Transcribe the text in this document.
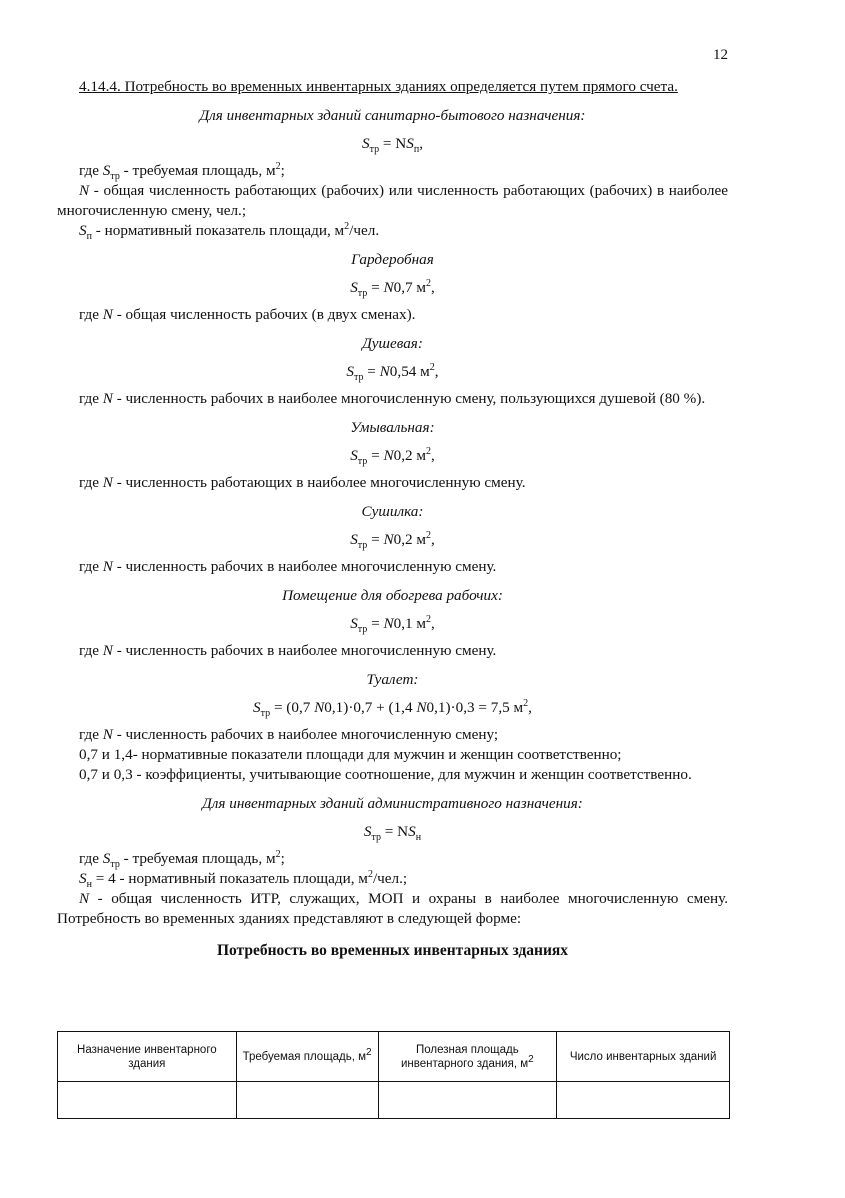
12

4.14.4. Потребность во временных инвентарных зданиях определяется путем прямого счета.

Для инвентарных зданий санитарно-бытового назначения:

$S_{тр} = NS_п$,

где $S_{тр}$ - требуемая площадь, $м^2$;

N - общая численность работающих (рабочих) или численность работающих (рабочих) в наиболее многочисленную смену, чел.;

$S_п$ - нормативный показатель площади, $м^2$/чел.

Гардеробная

$S_{тр} = N0,7$ $м^2$,

где N - общая численность рабочих (в двух сменах).

Душевая:

$S_{тр} = N0,54$ $м^2$,

где N - численность рабочих в наиболее многочисленную смену, пользующихся душевой (80 %).

Умывальная:

$S_{тр} = N0,2$ $м^2$,

где N - численность работающих в наиболее многочисленную смену.

Сушилка:

$S_{тр} = N0,2$ $м^2$,

где N - численность рабочих в наиболее многочисленную смену.

Помещение для обогрева рабочих:

$S_{тр} = N0,1$ $м^2$,

где N - численность рабочих в наиболее многочисленную смену.

Туалет:

$S_{тр} = (0,7$ N0,1)·0,7 + (1,4 N0,1)·0,3 = 7,5 $м^2$,

где N - численность рабочих в наиболее многочисленную смену;

0,7 и 1,4- нормативные показатели площади для мужчин и женщин соответственно;

0,7 и 0,3 - коэффициенты, учитывающие соотношение, для мужчин и женщин соответственно.

Для инвентарных зданий административного назначения:

$S_{тр} = NS_н$

где $S_{тр}$ - требуемая площадь, $м^2$;

$S_н = 4$ - нормативный показатель площади, $м^2$/чел.;

N - общая численность ИТР, служащих, МОП и охраны в наиболее многочисленную смену. Потребность во временных зданиях представляют в следующей форме:

Потребность во временных инвентарных зданиях

Назначение инвентарного здания	Требуемая площадь, $м^2$	Полезная площадь инвентарного здания, $м^2$	Число инвентарных зданий
